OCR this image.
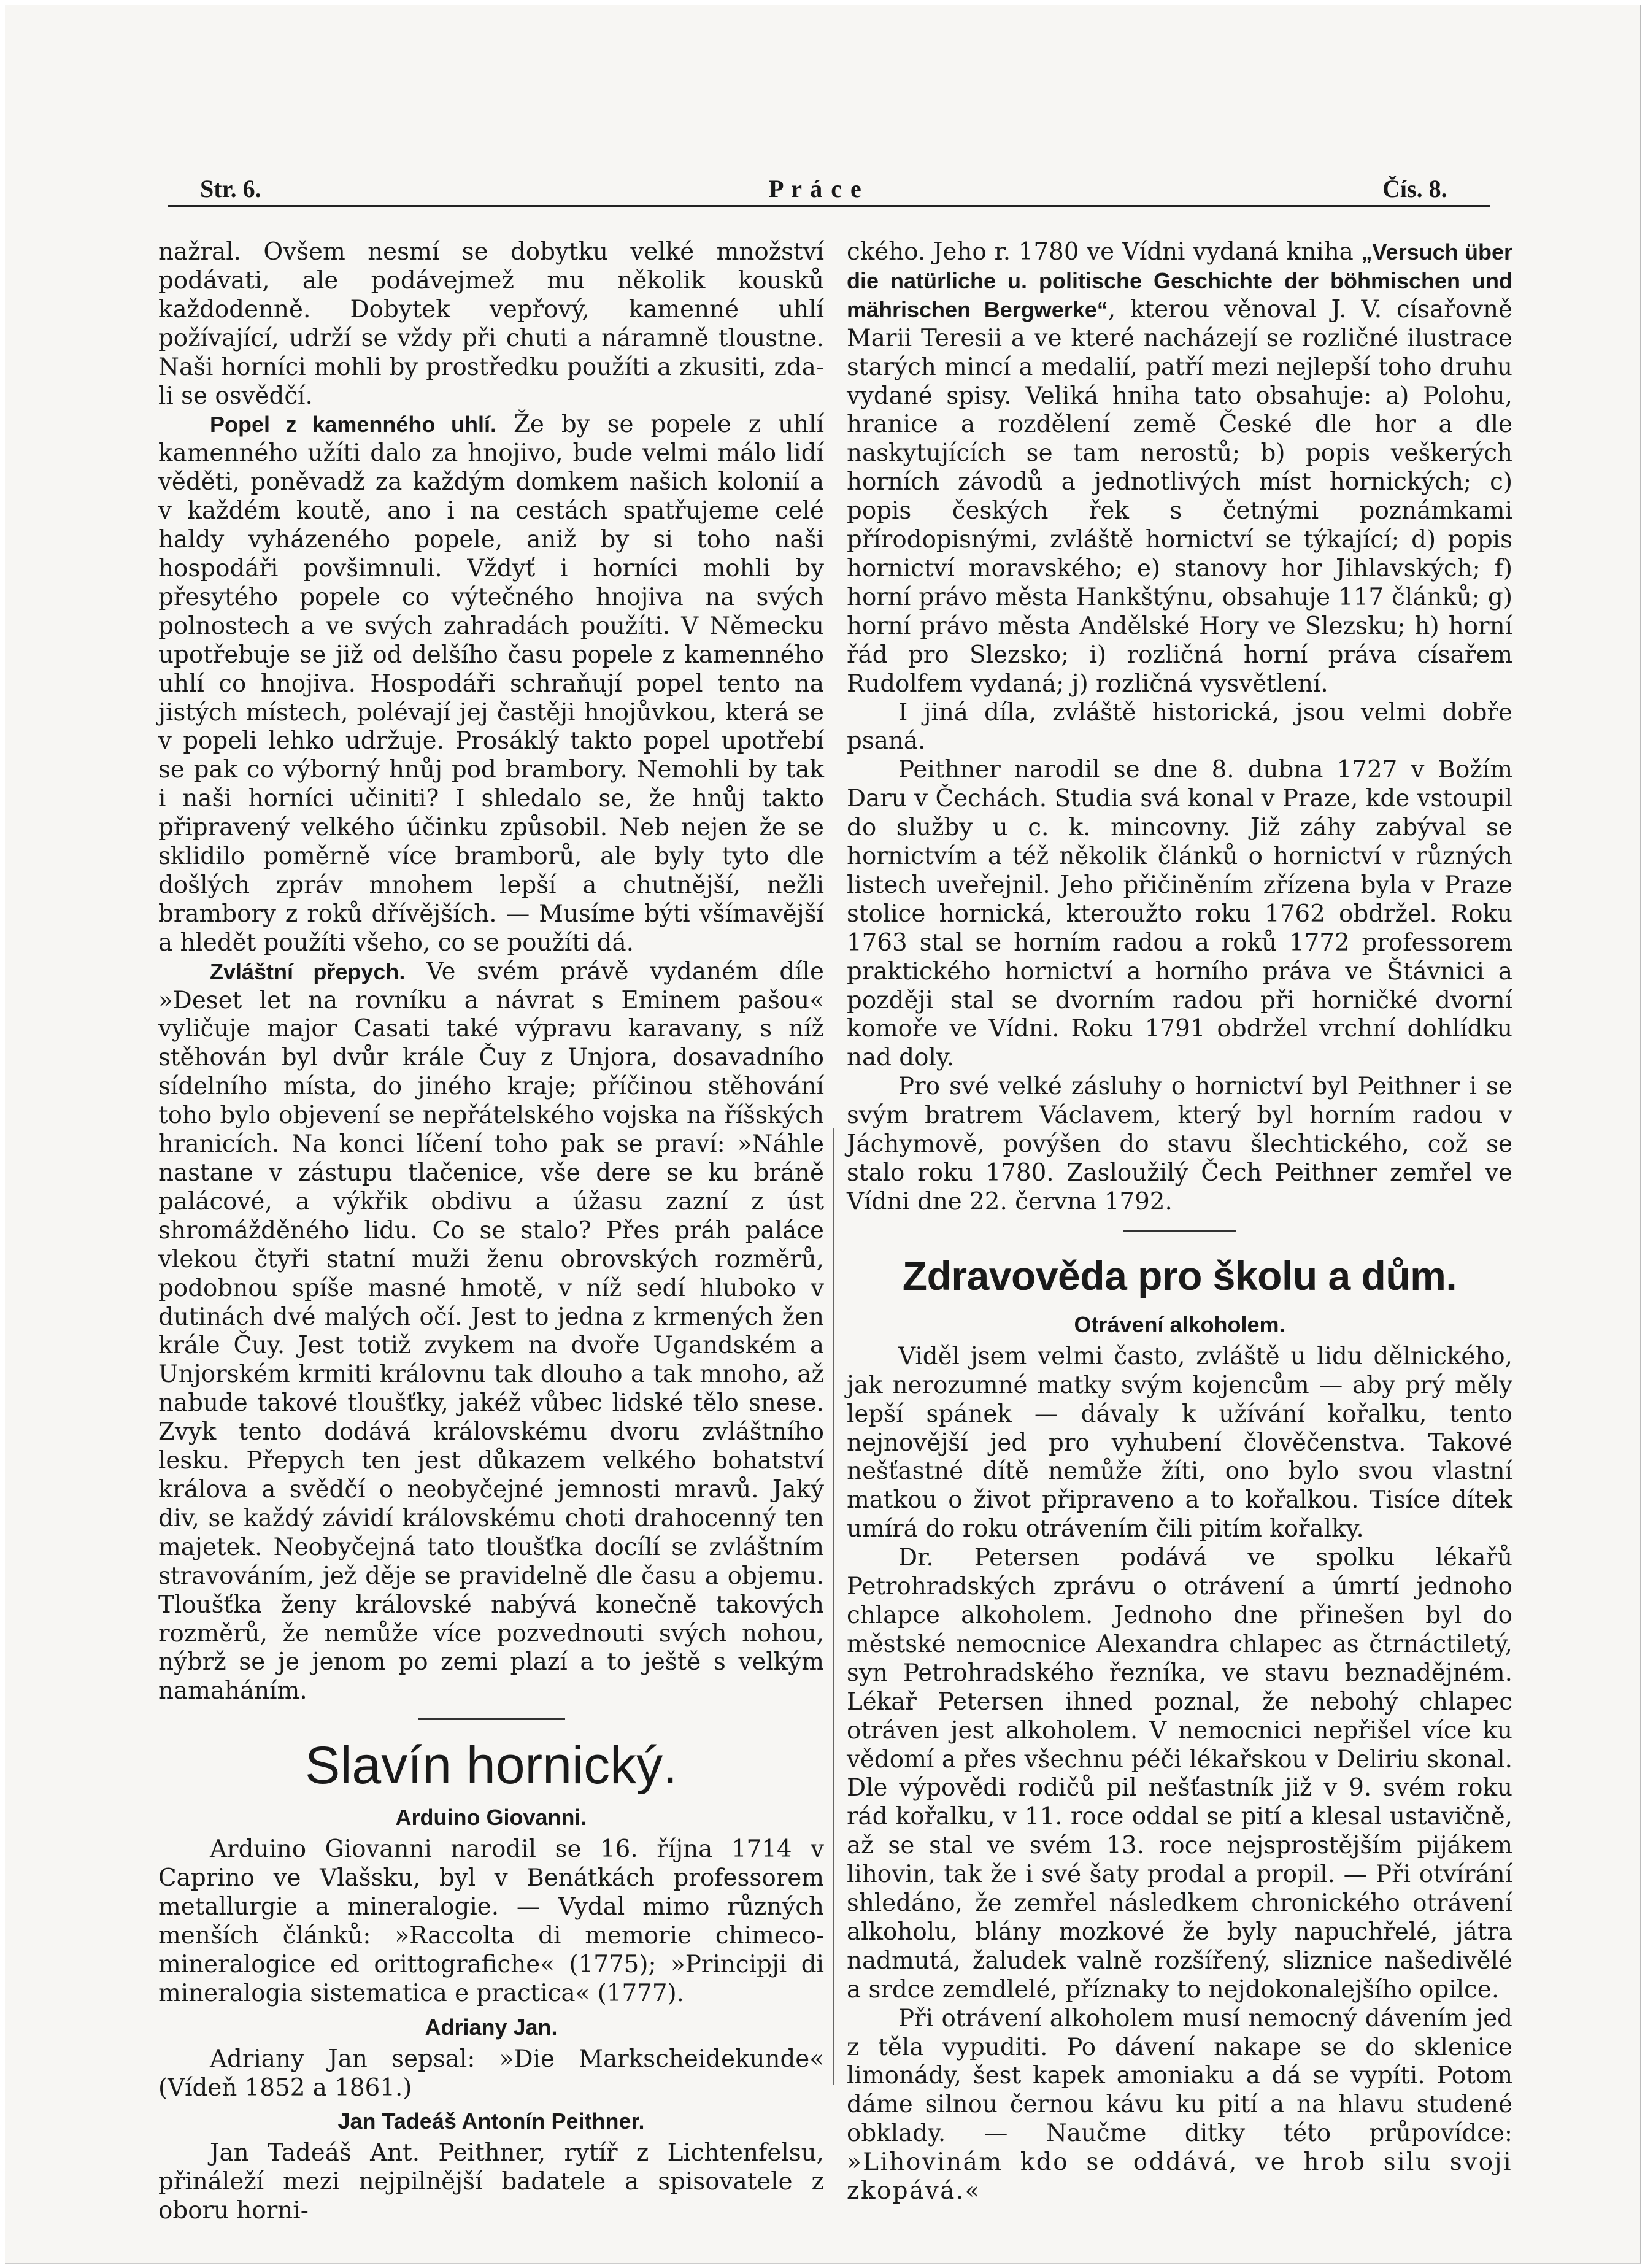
Str. 6.	P r á c e	Čís. 8.

nažral. Ovšem nesmí se dobytku velké množství podávati, ale podávejmež mu několik kousků každodenně. Dobytek vepřový, kamenné uhlí požívající, udrží se vždy při chuti a náramně tloustne. Naši horníci mohli by prostředku použíti a zkusiti, zda-li se osvědčí.

Popel z kamenného uhlí. Že by se popele z uhlí kamenného užíti dalo za hnojivo, bude velmi málo lidí věděti, poněvadž za každým domkem našich kolonií a v každém koutě, ano i na cestách spatřujeme celé haldy vyházeného popele, aniž by si toho naši hospodáři povšimnuli. Vždyť i horníci mohli by přesytého popele co výtečného hnojiva na svých polnostech a ve svých zahradách použíti. V Německu upotřebuje se již od delšího času popele z kamenného uhlí co hnojiva. Hospodáři schraňují popel tento na jistých místech, polévají jej častěji hnojůvkou, která se v popeli lehko udržuje. Prosáklý takto popel upotřebí se pak co výborný hnůj pod brambory. Nemohli by tak i naši horníci učiniti? I shledalo se, že hnůj takto připravený velkého účinku způsobil. Neb nejen že se sklidilo poměrně více bramborů, ale byly tyto dle došlých zpráv mnohem lepší a chutnější, nežli brambory z roků dřívějších. — Musíme býti všímavější a hledět použíti všeho, co se použíti dá.

Zvláštní přepych. Ve svém právě vydaném díle »Deset let na rovníku a návrat s Eminem pašou« vyličuje major Casati také výpravu karavany, s níž stěhován byl dvůr krále Čuy z Unjora, dosavadního sídelního místa, do jiného kraje; příčinou stěhování toho bylo objevení se nepřátelského vojska na říšských hranicích. Na konci líčení toho pak se praví: »Náhle nastane v zástupu tlačenice, vše dere se ku bráně palácové, a výkřik obdivu a úžasu zazní z úst shromážděného lidu. Co se stalo? Přes práh paláce vlekou čtyři statní muži ženu obrovských rozměrů, podobnou spíše masné hmotě, v níž sedí hluboko v dutinách dvé malých očí. Jest to jedna z krmených žen krále Čuy. Jest totiž zvykem na dvoře Ugandském a Unjorském krmiti královnu tak dlouho a tak mnoho, až nabude takové tloušťky, jakéž vůbec lidské tělo snese. Zvyk tento dodává královskému dvoru zvláštního lesku. Přepych ten jest důkazem velkého bohatství králova a svědčí o neobyčejné jemnosti mravů. Jaký div, se každý závidí královskému choti drahocenný ten majetek. Neobyčejná tato tloušťka docílí se zvláštním stravováním, jež děje se pravidelně dle času a objemu. Tloušťka ženy královské nabývá konečně takových rozměrů, že nemůže více pozvednouti svých nohou, nýbrž se je jenom po zemi plazí a to ještě s velkým namaháním.

Slavín hornický.
Arduino Giovanni.

Arduino Giovanni narodil se 16. října 1714 v Caprino ve Vlašsku, byl v Benátkách professorem metallurgie a mineralogie. — Vydal mimo různých menších článků: »Raccolta di memorie chimeco-mineralogice ed orittografiche« (1775); »Principji di mineralogia sistematica e practica« (1777).

Adriany Jan.

Adriany Jan sepsal: »Die Markscheidekunde« (Vídeň 1852 a 1861.)

Jan Tadeáš Antonín Peithner.

Jan Tadeáš Ant. Peithner, rytíř z Lichtenfelsu, přináleží mezi nejpilnější badatele a spisovatele z oboru horni-

ckého. Jeho r. 1780 ve Vídni vydaná kniha „Versuch über die natürliche u. politische Geschichte der böhmischen und mährischen Bergwerke“, kterou věnoval J. V. císařovně Marii Teresii a ve které nacházejí se rozličné ilustrace starých mincí a medalií, patří mezi nejlepší toho druhu vydané spisy. Veliká hniha tato obsahuje: a) Polohu, hranice a rozdělení země České dle hor a dle naskytujících se tam nerostů; b) popis veškerých horních závodů a jednotlivých míst hornických; c) popis českých řek s četnými poznámkami přírodopisnými, zvláště hornictví se týkající; d) popis hornictví moravského; e) stanovy hor Jihlavských; f) horní právo města Hankštýnu, obsahuje 117 článků; g) horní právo města Andělské Hory ve Slezsku; h) horní řád pro Slezsko; i) rozličná horní práva císařem Rudolfem vydaná; j) rozličná vysvětlení.

I jiná díla, zvláště historická, jsou velmi dobře psaná.

Peithner narodil se dne 8. dubna 1727 v Božím Daru v Čechách. Studia svá konal v Praze, kde vstoupil do služby u c. k. mincovny. Již záhy zabýval se hornictvím a též několik článků o hornictví v různých listech uveřejnil. Jeho přičiněním zřízena byla v Praze stolice hornická, kteroužto roku 1762 obdržel. Roku 1763 stal se horním radou a roků 1772 professorem praktického hornictví a horního práva ve Štávnici a později stal se dvorním radou při horničké dvorní komoře ve Vídni. Roku 1791 obdržel vrchní dohlídku nad doly.

Pro své velké zásluhy o hornictví byl Peithner i se svým bratrem Václavem, který byl horním radou v Jáchymově, povýšen do stavu šlechtického, což se stalo roku 1780. Zasloužilý Čech Peithner zemřel ve Vídni dne 22. června 1792.

Zdravověda pro školu a dům.
Otrávení alkoholem.

Viděl jsem velmi často, zvláště u lidu dělnického, jak nerozumné matky svým kojencům — aby prý měly lepší spánek — dávaly k užívání kořalku, tento nejnovější jed pro vyhubení člověčenstva. Takové nešťastné dítě nemůže žíti, ono bylo svou vlastní matkou o život připraveno a to kořalkou. Tisíce dítek umírá do roku otrávením čili pitím kořalky.

Dr. Petersen podává ve spolku lékařů Petrohradských zprávu o otrávení a úmrtí jednoho chlapce alkoholem. Jednoho dne přinešen byl do městské nemocnice Alexandra chlapec as čtrnáctiletý, syn Petrohradského řezníka, ve stavu beznadějném. Lékař Petersen ihned poznal, že nebohý chlapec otráven jest alkoholem. V nemocnici nepřišel více ku vědomí a přes všechnu péči lékařskou v Deliriu skonal. Dle výpovědi rodičů pil nešťastník již v 9. svém roku rád kořalku, v 11. roce oddal se pití a klesal ustavičně, až se stal ve svém 13. roce nejsprostějším pijákem lihovin, tak že i své šaty prodal a propil. — Při otvírání shledáno, že zemřel následkem chronického otrávení alkoholu, blány mozkové že byly napuchřelé, játra nadmutá, žaludek valně rozšířený, sliznice našedivělé a srdce zemdlelé, příznaky to nejdokonalejšího opilce.

Při otrávení alkoholem musí nemocný dávením jed z těla vypuditi. Po dávení nakape se do sklenice limonády, šest kapek amoniaku a dá se vypíti. Potom dáme silnou černou kávu ku pití a na hlavu studené obklady. — Naučme ditky této průpovídce: »Lihovinám kdo se oddává, ve hrob silu svoji zkopává.«
